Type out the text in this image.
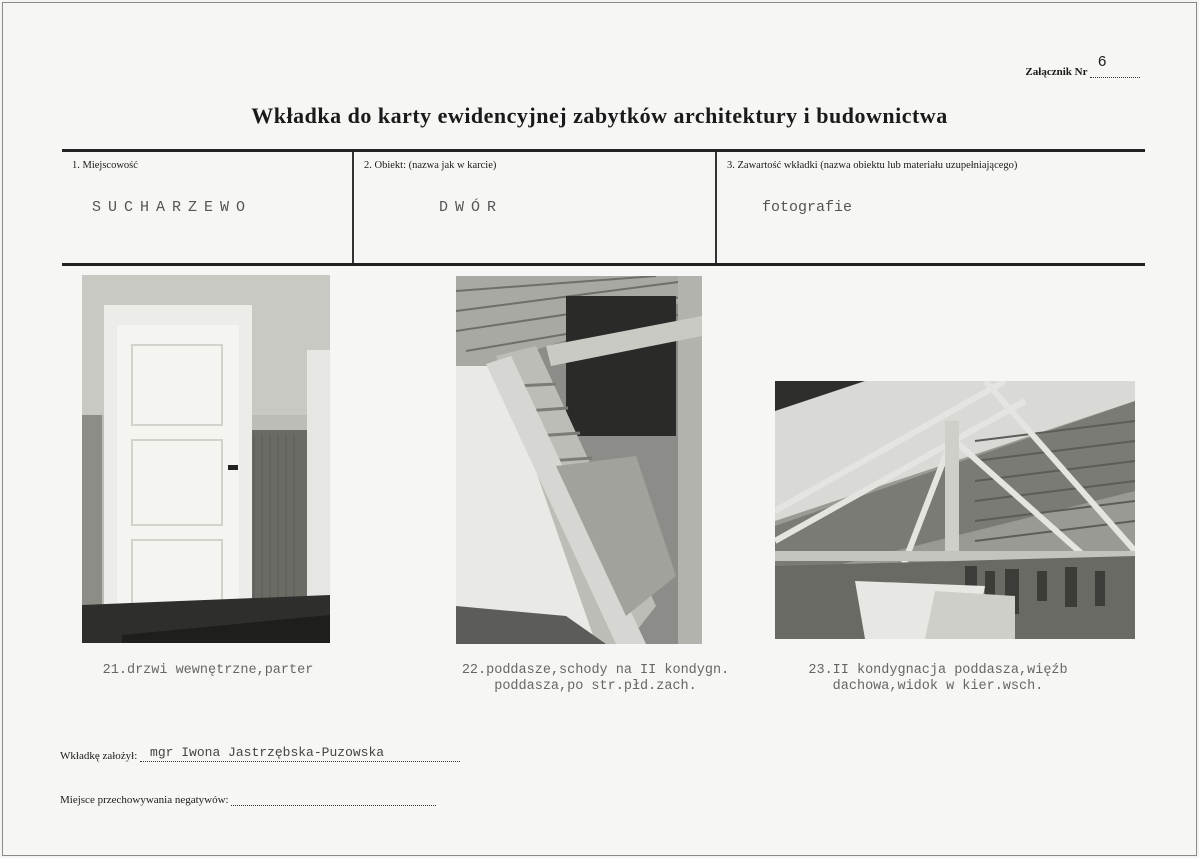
Załącznik Nr
6
Wkładka do karty ewidencyjnej zabytków architektury i budownictwa
1. Miejscowość
SUCHARZEWO
2. Obiekt: (nazwa jak w karcie)
DWÓR
3. Zawartość wkładki (nazwa obiektu lub materiału uzupełniającego)
fotografie
21.drzwi wewnętrzne,parter	22.poddasze,schody na II kondygn.
poddasza,po str.płd.zach.
23.II kondygnacja poddasza,więźb
dachowa,widok w kier.wsch.
Wkładkę założył: mgr Iwona Jastrzębska-Puzowska
Miejsce przechowywania negatywów:
